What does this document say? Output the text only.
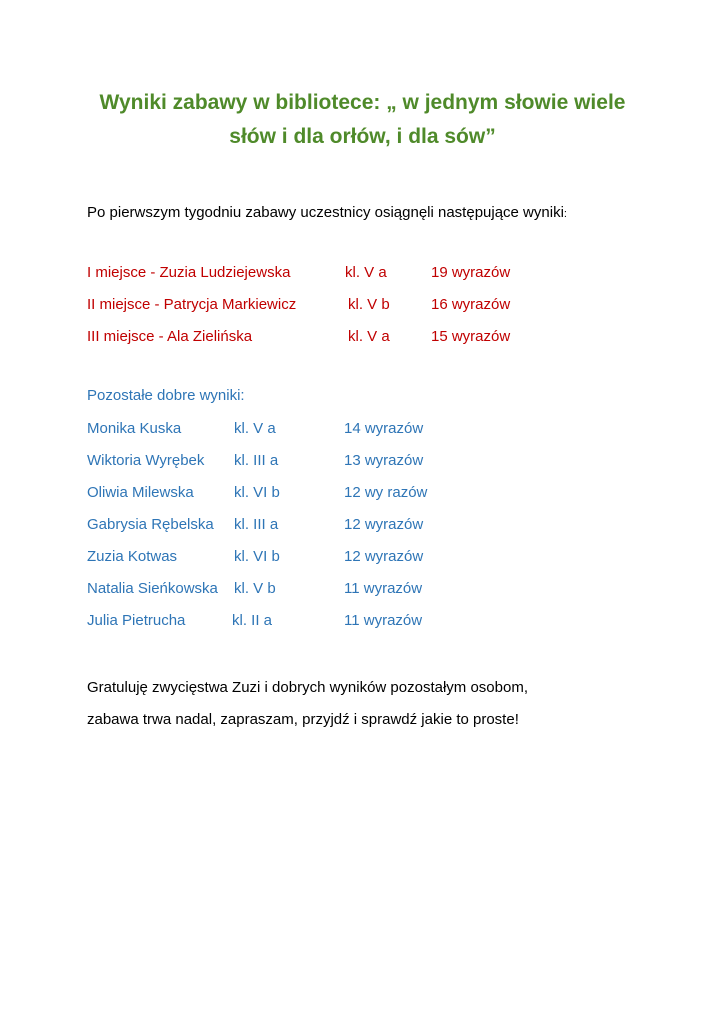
Wyniki zabawy w bibliotece: „ w jednym słowie wiele
słów i dla orłów, i dla sów”
Po pierwszym tygodniu zabawy uczestnicy osiągnęli następujące wyniki:
I miejsce - Zuzia Ludziejewska	kl. V a	19 wyrazów
II miejsce - Patrycja Markiewicz	kl. V b	16 wyrazów
III miejsce - Ala Zielińska	kl. V a	15 wyrazów
Pozostałe dobre wyniki:
Monika Kuska	kl. V a	14 wyrazów
Wiktoria Wyrębek kl. III a	13 wyrazów
Oliwia Milewska	kl. VI b	12 wy razów
Gabrysia Rębelska kl. III a	12 wyrazów
Zuzia Kotwas	kl. VI b	12 wyrazów
Natalia Sieńkowska kl. V b	11 wyrazów
Julia Pietrucha	kl. II a	11 wyrazów
Gratuluję zwycięstwa Zuzi i dobrych wyników pozostałym osobom,
zabawa trwa nadal, zapraszam, przyjdź i sprawdź jakie to proste!
